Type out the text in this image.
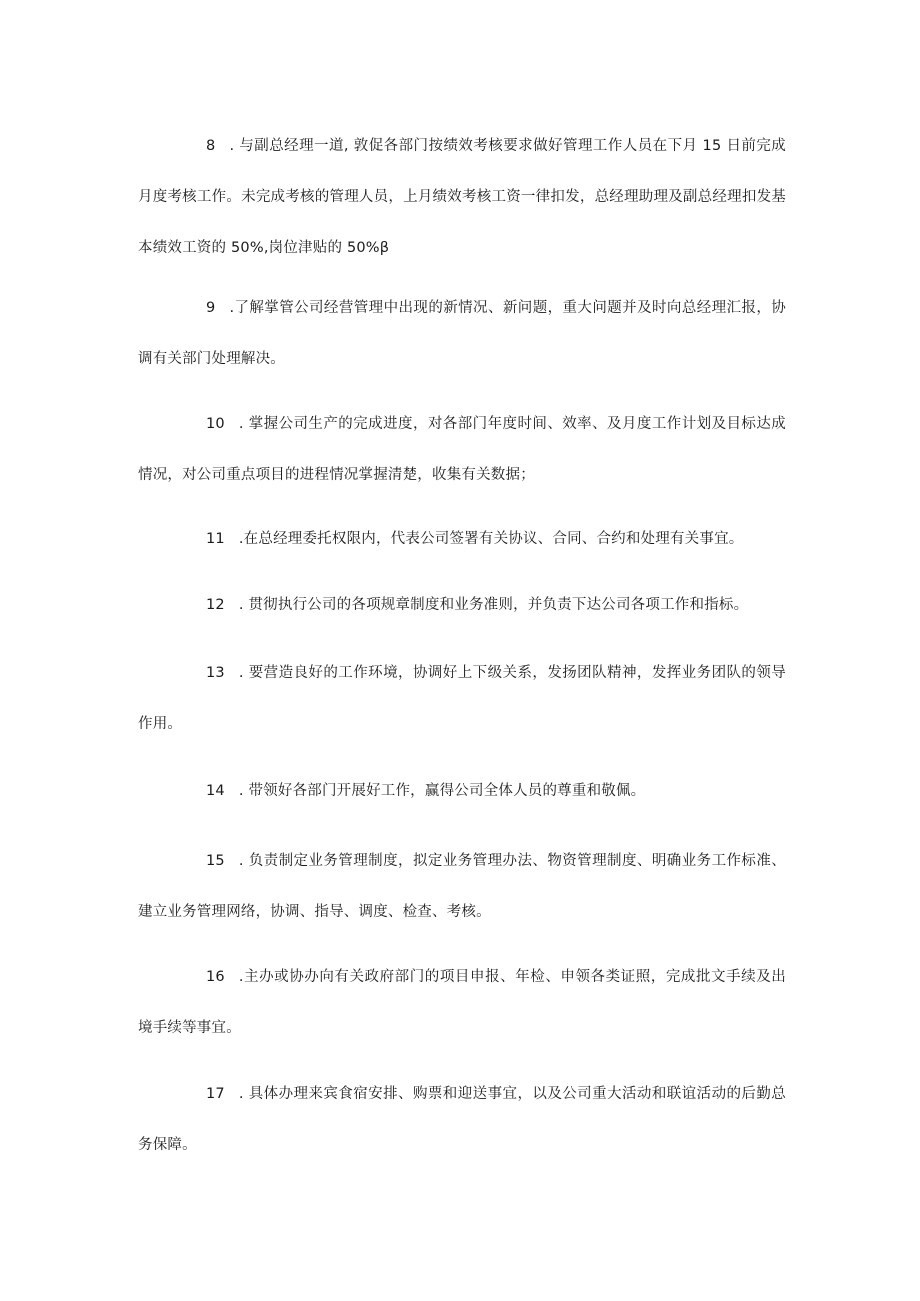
8 . 与副总经理一道, 敦促各部门按绩效考核要求做好管理工作人员在下月 15 日前完成月度考核工作。未完成考核的管理人员，上月绩效考核工资一律扣发，总经理助理及副总经理扣发基本绩效工资的 50%,岗位津贴的 50%β

9 .了解掌管公司经营管理中出现的新情况、新问题，重大问题并及时向总经理汇报，协调有关部门处理解决。

10 . 掌握公司生产的完成进度，对各部门年度时间、效率、及月度工作计划及目标达成情况，对公司重点项目的进程情况掌握清楚，收集有关数据；

11 .在总经理委托权限内，代表公司签署有关协议、合同、合约和处理有关事宜。

12 . 贯彻执行公司的各项规章制度和业务准则，并负责下达公司各项工作和指标。

13 . 要营造良好的工作环境，协调好上下级关系，发扬团队精神，发挥业务团队的领导作用。

14 . 带领好各部门开展好工作，赢得公司全体人员的尊重和敬佩。

15 . 负责制定业务管理制度，拟定业务管理办法、物资管理制度、明确业务工作标准、建立业务管理网络，协调、指导、调度、检查、考核。

16 .主办或协办向有关政府部门的项目申报、年检、申领各类证照，完成批文手续及出境手续等事宜。

17 . 具体办理来宾食宿安排、购票和迎送事宜，以及公司重大活动和联谊活动的后勤总务保障。
